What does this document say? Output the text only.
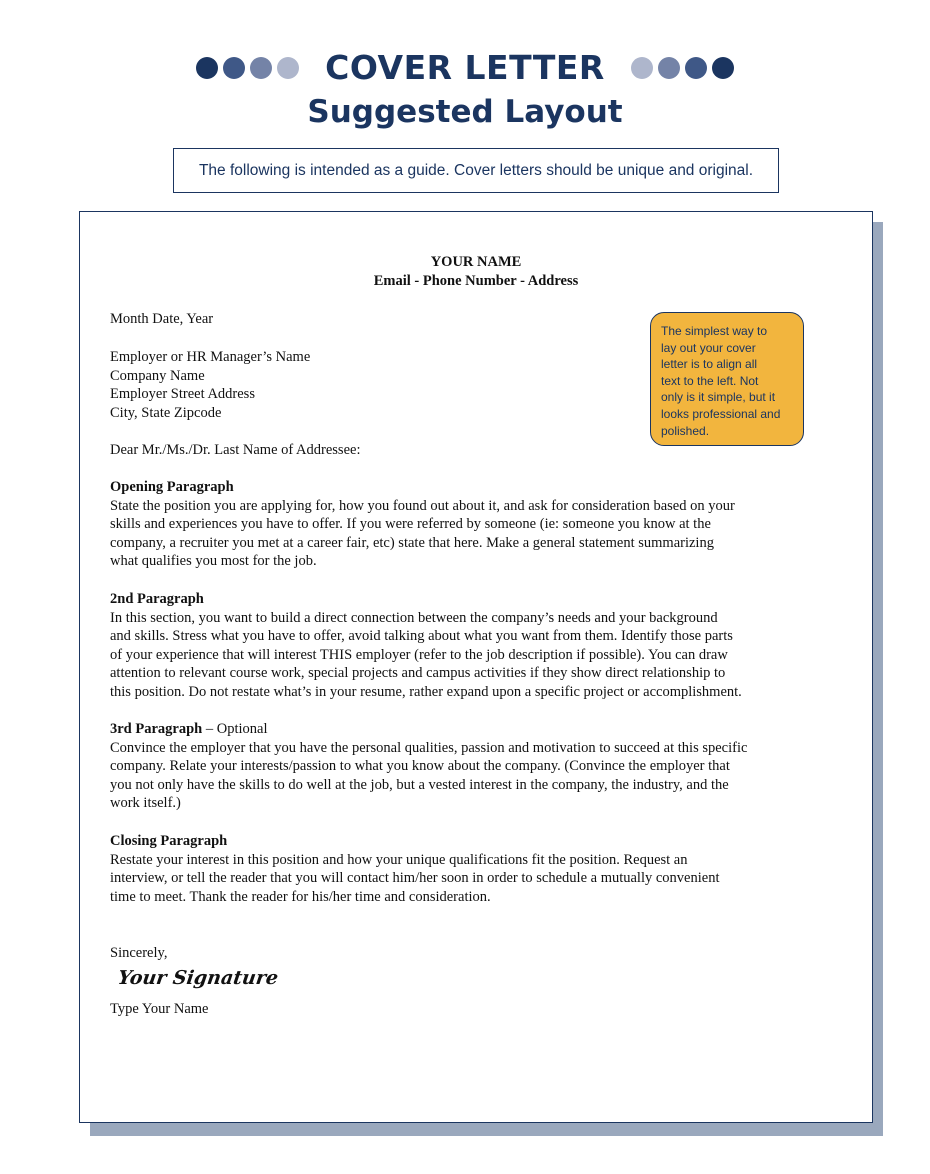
COVER LETTER
Suggested Layout
The following is intended as a guide. Cover letters should be unique and original.
YOUR NAME
Email - Phone Number - Address
Month Date, Year
Employer or HR Manager’s Name
Company Name
Employer Street Address
City, State Zipcode
Dear Mr./Ms./Dr. Last Name of Addressee:
Opening Paragraph
State the position you are applying for, how you found out about it, and ask for consideration based on your
skills and experiences you have to offer. If you were referred by someone (ie: someone you know at the
company, a recruiter you met at a career fair, etc) state that here. Make a general statement summarizing
what qualifies you most for the job.
2nd Paragraph
In this section, you want to build a direct connection between the company’s needs and your background
and skills. Stress what you have to offer, avoid talking about what you want from them. Identify those parts
of your experience that will interest THIS employer (refer to the job description if possible). You can draw
attention to relevant course work, special projects and campus activities if they show direct relationship to
this position. Do not restate what’s in your resume, rather expand upon a specific project or accomplishment.
3rd Paragraph – Optional
Convince the employer that you have the personal qualities, passion and motivation to succeed at this specific
company. Relate your interests/passion to what you know about the company. (Convince the employer that
you not only have the skills to do well at the job, but a vested interest in the company, the industry, and the
work itself.)
Closing Paragraph
Restate your interest in this position and how your unique qualifications fit the position. Request an
interview, or tell the reader that you will contact him/her soon in order to schedule a mutually convenient
time to meet. Thank the reader for his/her time and consideration.
Sincerely,
Your Signature
Type Your Name
The simplest way to
lay out your cover
letter is to align all
text to the left. Not
only is it simple, but it
looks professional and
polished.
